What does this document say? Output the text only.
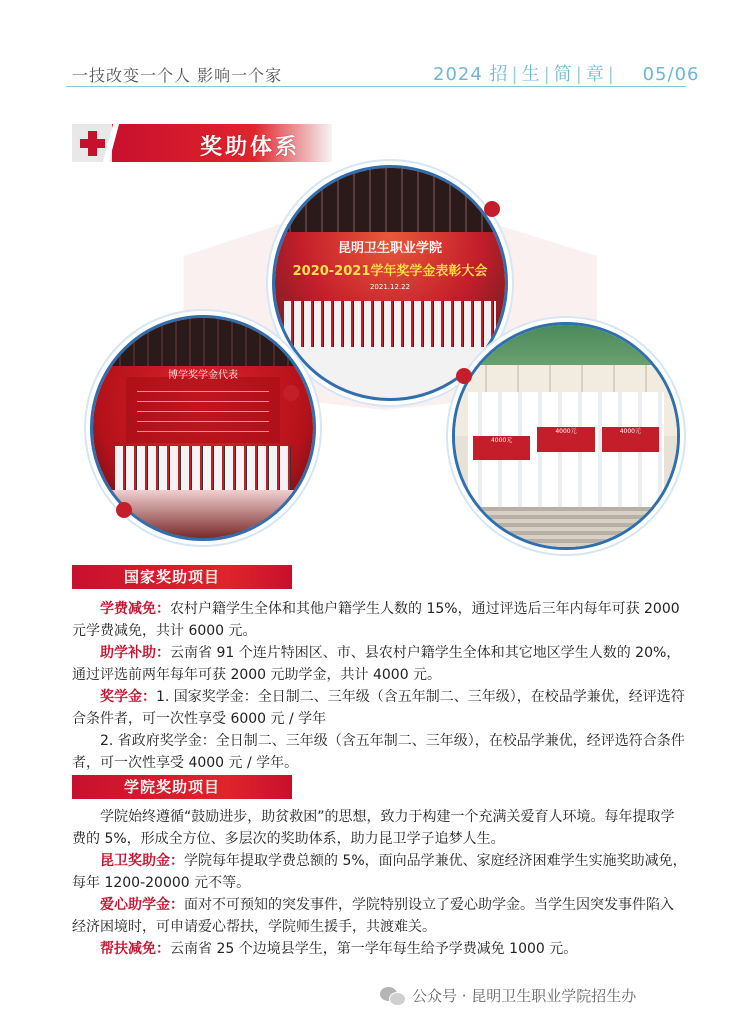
一技改变一个人 影响一个家	2024 招 | 生 | 简 | 章 | 05/06
奖助体系
昆明卫生职业学院
2020-2021学年奖学金表彰大会
2021.12.22
博学奖学金代表
4000元
4000元	4000元
国家奖助项目

学费减免：农村户籍学生全体和其他户籍学生人数的 15%，通过评选后三年内每年可获 2000 元学费减免，共计 6000 元。

助学补助：云南省 91 个连片特困区、市、县农村户籍学生全体和其它地区学生人数的 20%，通过评选前两年每年可获 2000 元助学金，共计 4000 元。

奖学金：1. 国家奖学金：全日制二、三年级（含五年制二、三年级），在校品学兼优，经评选符合条件者，可一次性享受 6000 元 / 学年

2. 省政府奖学金：全日制二、三年级（含五年制二、三年级），在校品学兼优，经评选符合条件者，可一次性享受 4000 元 / 学年。

学院奖助项目

学院始终遵循“鼓励进步，助贫救困”的思想，致力于构建一个充满关爱育人环境。每年提取学费的 5%，形成全方位、多层次的奖助体系，助力昆卫学子追梦人生。

昆卫奖助金：学院每年提取学费总额的 5%，面向品学兼优、家庭经济困难学生实施奖助减免，每年 1200-20000 元不等。

爱心助学金：面对不可预知的突发事件，学院特别设立了爱心助学金。当学生因突发事件陷入经济困境时，可申请爱心帮扶，学院师生援手，共渡难关。

帮扶减免：云南省 25 个边境县学生，第一学年每生给予学费减免 1000 元。

公众号 · 昆明卫生职业学院招生办
